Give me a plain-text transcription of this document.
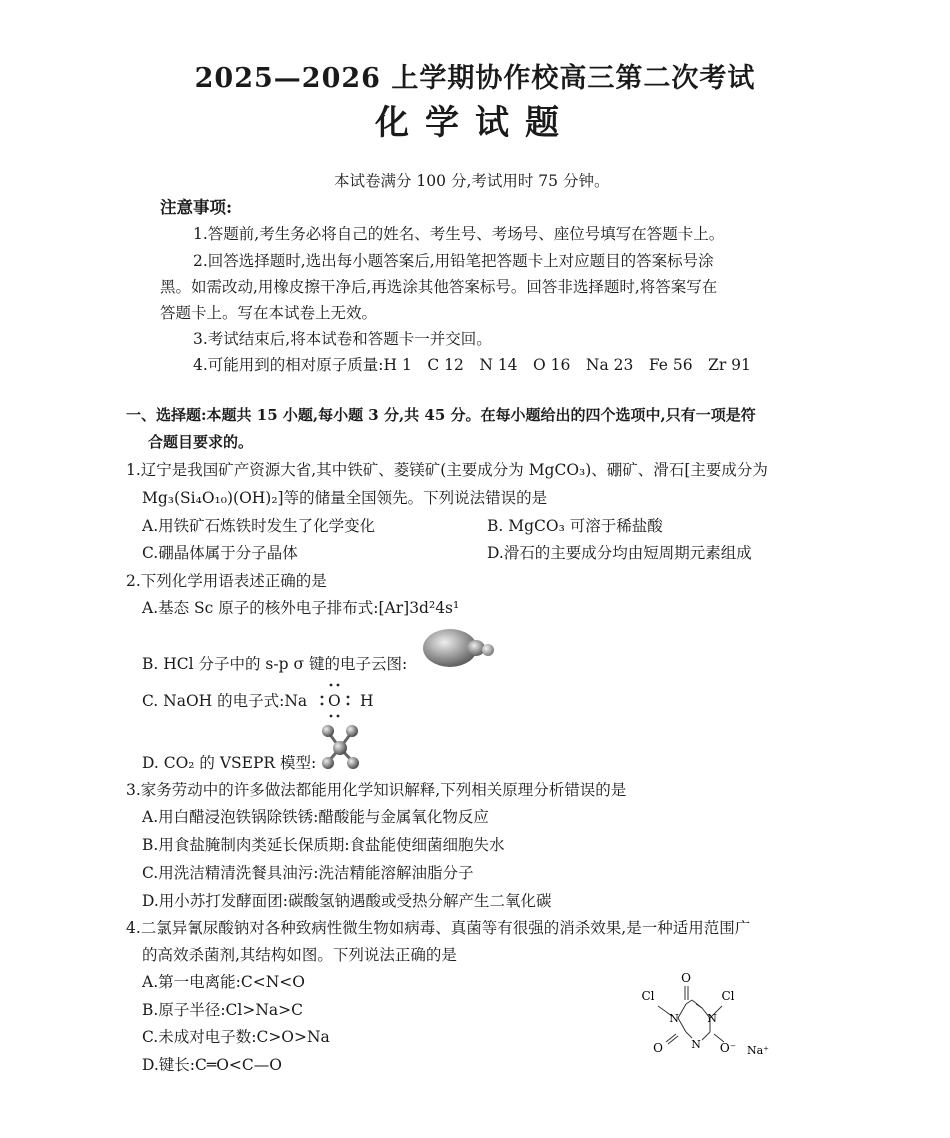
2025—2026 上学期协作校高三第二次考试
化学试题
本试卷满分 100 分,考试用时 75 分钟。
注意事项:
1.答题前,考生务必将自己的姓名、考生号、考场号、座位号填写在答题卡上。
2.回答选择题时,选出每小题答案后,用铅笔把答题卡上对应题目的答案标号涂
黑。如需改动,用橡皮擦干净后,再选涂其他答案标号。回答非选择题时,将答案写在
答题卡上。写在本试卷上无效。
3.考试结束后,将本试卷和答题卡一并交回。
4.可能用到的相对原子质量:H 1　C 12　N 14　O 16　Na 23　Fe 56　Zr 91
一、选择题:本题共 15 小题,每小题 3 分,共 45 分。在每小题给出的四个选项中,只有一项是符
合题目要求的。
1.辽宁是我国矿产资源大省,其中铁矿、菱镁矿(主要成分为 MgCO₃)、硼矿、滑石[主要成分为
Mg₃(Si₄O₁₀)(OH)₂]等的储量全国领先。下列说法错误的是
A.用铁矿石炼铁时发生了化学变化	B. MgCO₃ 可溶于稀盐酸
C.硼晶体属于分子晶体	D.滑石的主要成分均由短周期元素组成
2.下列化学用语表述正确的是
A.基态 Sc 原子的核外电子排布式:[Ar]3d²4s¹
B. HCl 分子中的 s-p σ 键的电子云图:
C. NaOH 的电子式:Na O H
D. CO₂ 的 VSEPR 模型:
3.家务劳动中的许多做法都能用化学知识解释,下列相关原理分析错误的是
A.用白醋浸泡铁锅除铁锈:醋酸能与金属氧化物反应
B.用食盐腌制肉类延长保质期:食盐能使细菌细胞失水
C.用洗洁精清洗餐具油污:洗洁精能溶解油脂分子
D.用小苏打发酵面团:碳酸氢钠遇酸或受热分解产生二氧化碳
4.二氯异氰尿酸钠对各种致病性微生物如病毒、真菌等有很强的消杀效果,是一种适用范围广
的高效杀菌剂,其结构如图。下列说法正确的是
A.第一电离能:C<N<O
B.原子半径:Cl>Na>C
C.未成对电子数:C>O>Na
D.键长:C═O<C—O
O
Cl	Cl
N	N
N
O	O⁻ Na⁺
